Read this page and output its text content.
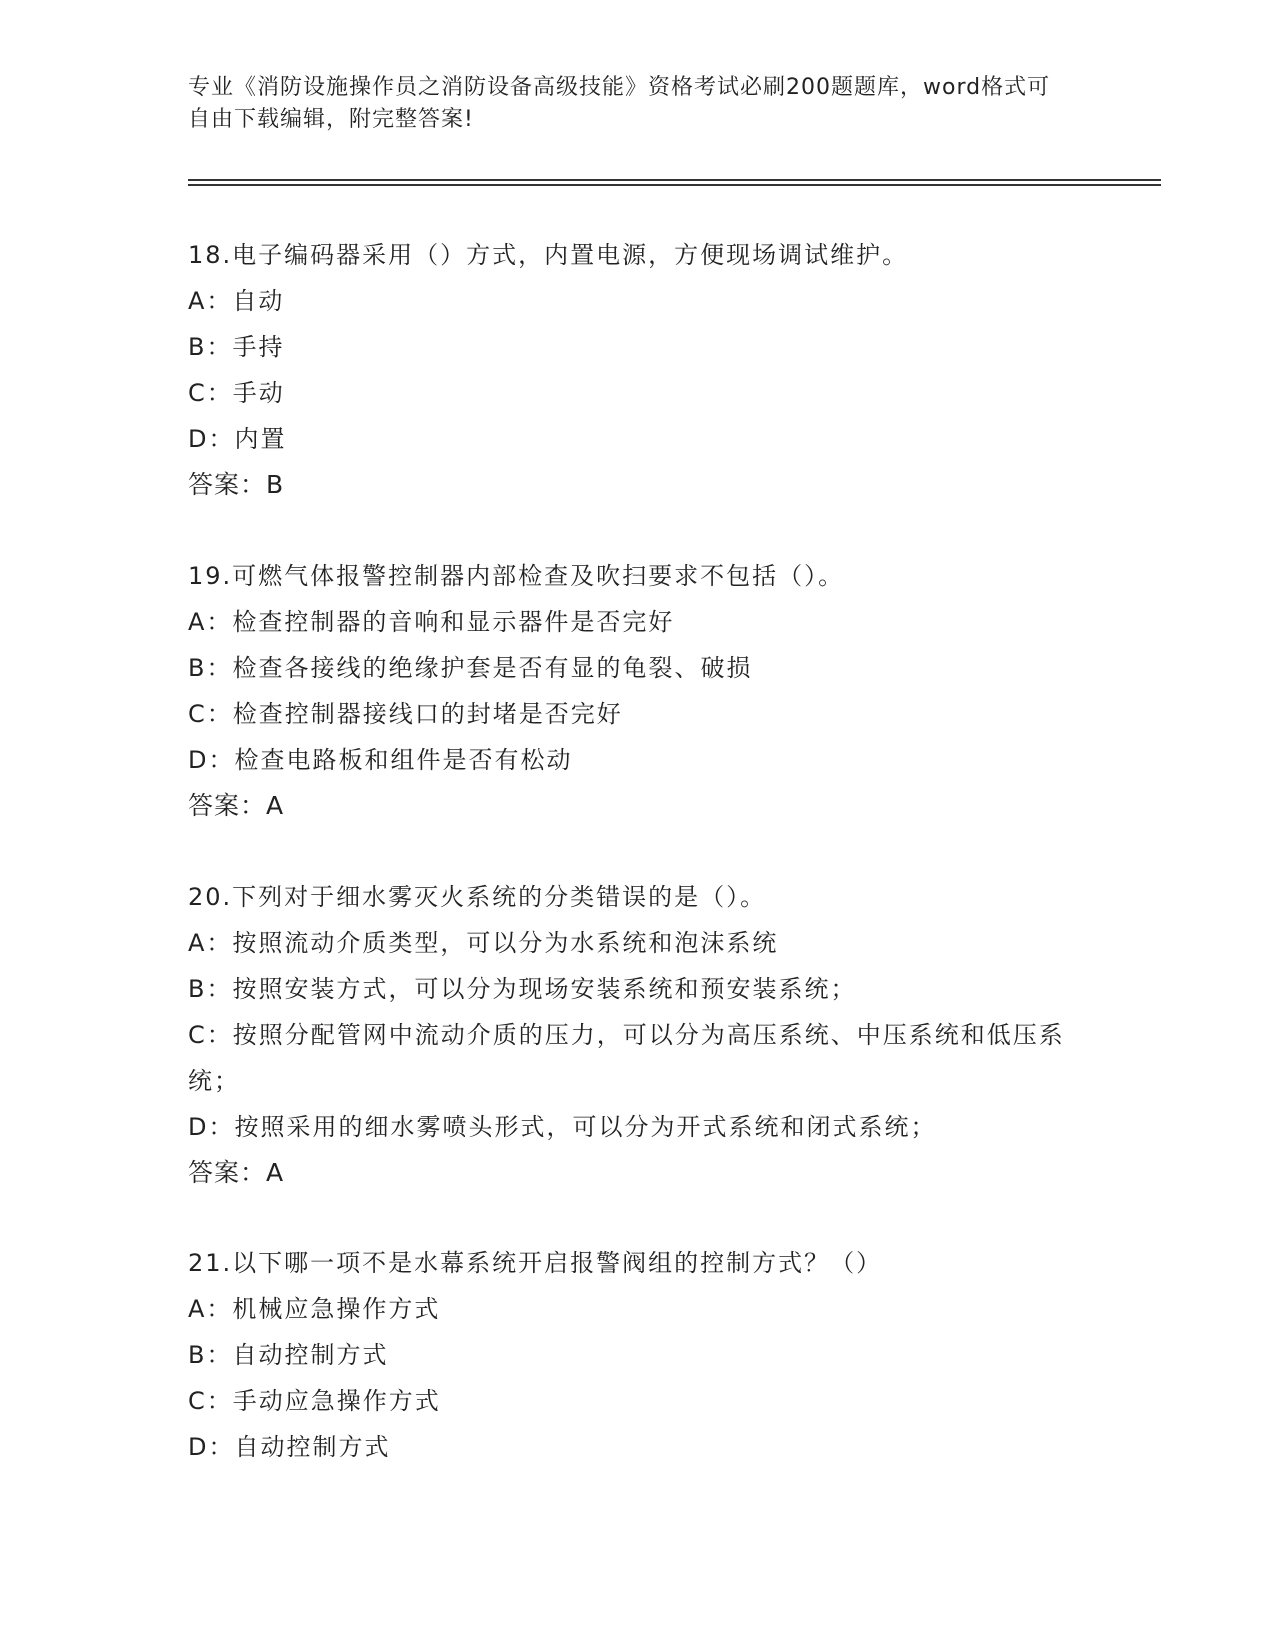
专业《消防设施操作员之消防设备高级技能》资格考试必刷200题题库，word格式可自由下载编辑，附完整答案!
18.电子编码器采用（）方式，内置电源，方便现场调试维护。
A：自动
B：手持
C：手动
D：内置
答案：B
19.可燃气体报警控制器内部检查及吹扫要求不包括（）。
A：检查控制器的音响和显示器件是否完好
B：检查各接线的绝缘护套是否有显的龟裂、破损
C：检查控制器接线口的封堵是否完好
D：检查电路板和组件是否有松动
答案：A
20.下列对于细水雾灭火系统的分类错误的是（）。
A：按照流动介质类型，可以分为水系统和泡沫系统
B：按照安装方式，可以分为现场安装系统和预安装系统；
C：按照分配管网中流动介质的压力，可以分为高压系统、中压系统和低压系统；
D：按照采用的细水雾喷头形式，可以分为开式系统和闭式系统；
答案：A
21.以下哪一项不是水幕系统开启报警阀组的控制方式？（）
A：机械应急操作方式
B：自动控制方式
C：手动应急操作方式
D：自动控制方式
